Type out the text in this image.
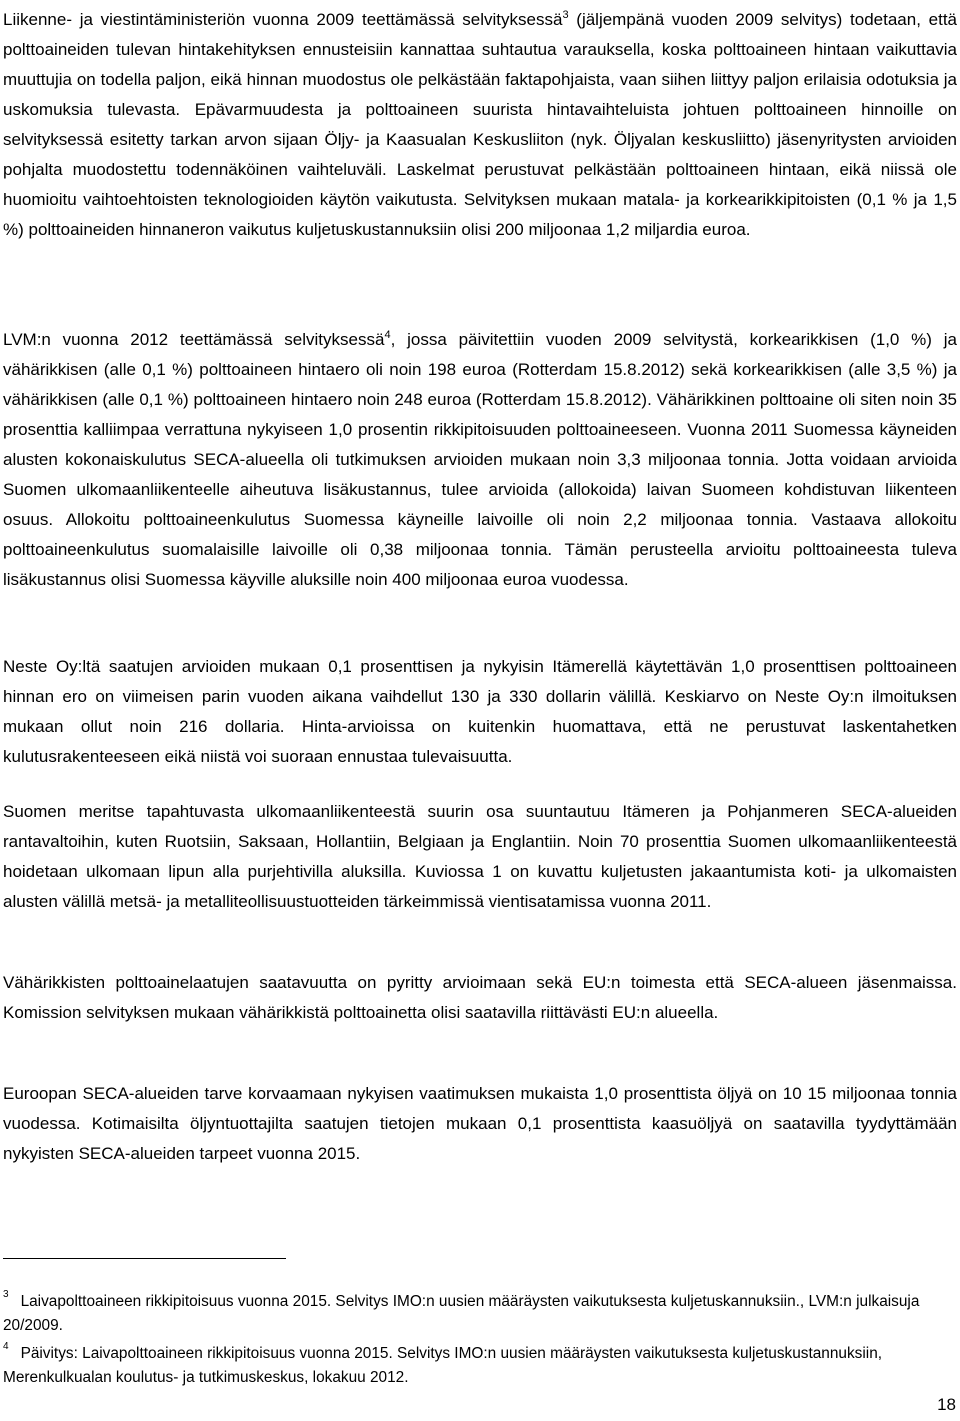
Liikenne- ja viestintäministeriön vuonna 2009 teettämässä selvityksessä$^3$ (jäljempänä vuoden 2009 selvitys) todetaan, että polttoaineiden tulevan hintakehityksen ennusteisiin kannattaa suhtautua varauksella, koska polttoaineen hintaan vaikuttavia muuttujia on todella paljon, eikä hinnan muodostus ole pelkästään faktapohjaista, vaan siihen liittyy paljon erilaisia odotuksia ja uskomuksia tulevasta. Epävarmuudesta ja polttoaineen suurista hintavaihteluista johtuen polttoaineen hinnoille on selvityksessä esitetty tarkan arvon sijaan Öljy- ja Kaasualan Keskusliiton (nyk. Öljyalan keskusliitto) jäsenyritysten arvioiden pohjalta muodostettu todennäköinen vaihteluväli. Laskelmat perustuvat pelkästään polttoaineen hintaan, eikä niissä ole huomioitu vaihtoehtoisten teknologioiden käytön vaikutusta. Selvityksen mukaan matala- ja korkearikkipitoisten (0,1 % ja 1,5 %) polttoaineiden hinnaneron vaikutus kuljetuskustannuksiin olisi 200 miljoonaa 1,2 miljardia euroa.

LVM:n vuonna 2012 teettämässä selvityksessä$^4$, jossa päivitettiin vuoden 2009 selvitystä, korkearikkisen (1,0 %) ja vähärikkisen (alle 0,1 %) polttoaineen hintaero oli noin 198 euroa (Rotterdam 15.8.2012) sekä korkearikkisen (alle 3,5 %) ja vähärikkisen (alle 0,1 %) polttoaineen hintaero noin 248 euroa (Rotterdam 15.8.2012). Vähärikkinen polttoaine oli siten noin 35 prosenttia kalliimpaa verrattuna nykyiseen 1,0 prosentin rikkipitoisuuden polttoaineeseen. Vuonna 2011 Suomessa käyneiden alusten kokonaiskulutus SECA-alueella oli tutkimuksen arvioiden mukaan noin 3,3 miljoonaa tonnia. Jotta voidaan arvioida Suomen ulkomaanliikenteelle aiheutuva lisäkustannus, tulee arvioida (allokoida) laivan Suomeen kohdistuvan liikenteen osuus. Allokoitu polttoaineenkulutus Suomessa käyneille laivoille oli noin 2,2 miljoonaa tonnia. Vastaava allokoitu polttoaineenkulutus suomalaisille laivoille oli 0,38 miljoonaa tonnia. Tämän perusteella arvioitu polttoaineesta tuleva lisäkustannus olisi Suomessa käyville aluksille noin 400 miljoonaa euroa vuodessa.

Neste Oy:ltä saatujen arvioiden mukaan 0,1 prosenttisen ja nykyisin Itämerellä käytettävän 1,0 prosenttisen polttoaineen hinnan ero on viimeisen parin vuoden aikana vaihdellut 130 ja 330 dollarin välillä. Keskiarvo on Neste Oy:n ilmoituksen mukaan ollut noin 216 dollaria. Hinta-arvioissa on kuitenkin huomattava, että ne perustuvat laskentahetken kulutusrakenteeseen eikä niistä voi suoraan ennustaa tulevaisuutta.

Suomen meritse tapahtuvasta ulkomaanliikenteestä suurin osa suuntautuu Itämeren ja Pohjanmeren SECA-alueiden rantavaltoihin, kuten Ruotsiin, Saksaan, Hollantiin, Belgiaan ja Englantiin. Noin 70 prosenttia Suomen ulkomaanliikenteestä hoidetaan ulkomaan lipun alla purjehtivilla aluksilla. Kuviossa 1 on kuvattu kuljetusten jakaantumista koti- ja ulkomaisten alusten välillä metsä- ja metalliteollisuustuotteiden tärkeimmissä vientisatamissa vuonna 2011.

Vähärikkisten polttoainelaatujen saatavuutta on pyritty arvioimaan sekä EU:n toimesta että SECA-alueen jäsenmaissa. Komission selvityksen mukaan vähärikkistä polttoainetta olisi saatavilla riittävästi EU:n alueella.

Euroopan SECA-alueiden tarve korvaamaan nykyisen vaatimuksen mukaista 1,0 prosenttista öljyä on 10 15 miljoonaa tonnia vuodessa. Kotimaisilta öljyntuottajilta saatujen tietojen mukaan 0,1 prosenttista kaasuöljyä on saatavilla tyydyttämään nykyisten SECA-alueiden tarpeet vuonna 2015.

$^3$ Laivapolttoaineen rikkipitoisuus vuonna 2015. Selvitys IMO:n uusien määräysten vaikutuksesta kuljetuskannuksiin., LVM:n julkaisuja 20/2009.

$^4$ Päivitys: Laivapolttoaineen rikkipitoisuus vuonna 2015. Selvitys IMO:n uusien määräysten vaikutuksesta kuljetuskustannuksiin, Merenkulkualan koulutus- ja tutkimuskeskus, lokakuu 2012.

18
